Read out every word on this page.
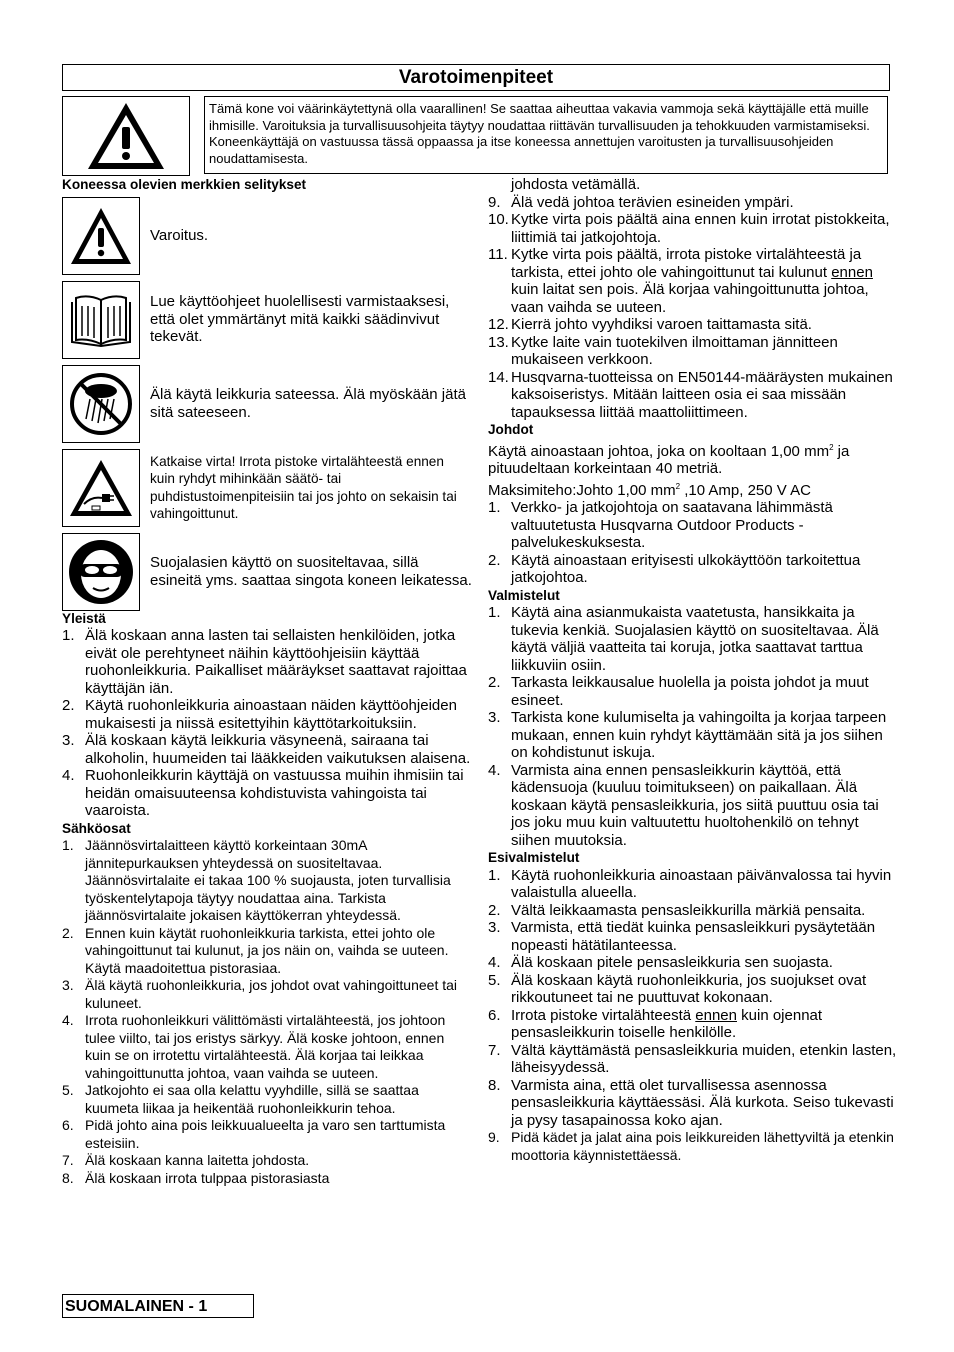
Varotoimenpiteet
Tämä kone voi väärinkäytettynä olla vaarallinen! Se saattaa aiheuttaa vakavia vammoja sekä käyttäjälle että muille ihmisille. Varoituksia ja turvallisuusohjeita täytyy noudattaa riittävän turvallisuuden ja tehokkuuden varmistamiseksi. Koneenkäyttäjä on vastuussa tässä oppaassa ja itse koneessa annettujen varoitusten ja turvallisuusohjeiden noudattamisesta.
Koneessa olevien merkkien selitykset
Varoitus.
Lue käyttöohjeet huolellisesti varmistaaksesi, että olet ymmärtänyt mitä kaikki säädinvivut tekevät.
Älä käytä leikkuria sateessa. Älä myöskään jätä sitä sateeseen.
Katkaise virta! Irrota pistoke virtalähteestä ennen kuin ryhdyt mihinkään säätö- tai puhdistustoimenpiteisiin tai jos johto on sekaisin tai vahingoittunut.
Suojalasien käyttö on suositeltavaa, sillä esineitä yms. saattaa singota koneen leikatessa.
Yleistä
1. Älä koskaan anna lasten tai sellaisten henkilöiden, jotka eivät ole perehtyneet näihin käyttöohjeisiin käyttää ruohonleikkuria. Paikalliset määräykset saattavat rajoittaa käyttäjän iän.
2. Käytä ruohonleikkuria ainoastaan näiden käyttöohjeiden mukaisesti ja niissä esitettyihin käyttötarkoituksiin.
3. Älä koskaan käytä leikkuria väsyneenä, sairaana tai alkoholin, huumeiden tai lääkkeiden vaikutuksen alaisena.
4. Ruohonleikkurin käyttäjä on vastuussa muihin ihmisiin tai heidän omaisuuteensa kohdistuvista vahingoista tai vaaroista.
Sähköosat
1. Jäännösvirtalaitteen käyttö korkeintaan 30mA jännitepurkauksen yhteydessä on suositeltavaa. Jäännösvirtalaite ei takaa 100 % suojausta, joten turvallisia työskentelytapoja täytyy noudattaa aina. Tarkista jäännösvirtalaite jokaisen käyttökerran yhteydessä.
2. Ennen kuin käytät ruohonleikkuria tarkista, ettei johto ole vahingoittunut tai kulunut, ja jos näin on, vaihda se uuteen. Käytä maadoitettua pistorasiaa.
3. Älä käytä ruohonleikkuria, jos johdot ovat vahingoittuneet tai kuluneet.
4. Irrota ruohonleikkuri välittömästi virtalähteestä, jos johtoon tulee viilto, tai jos eristys särkyy. Älä koske johtoon, ennen kuin se on irrotettu virtalähteestä. Älä korjaa tai leikkaa vahingoittunutta johtoa, vaan vaihda se uuteen.
5. Jatkojohto ei saa olla kelattu vyyhdille, sillä se saattaa kuumeta liikaa ja heikentää ruohonleikkurin tehoa.
6. Pidä johto aina pois leikkuualueelta ja varo sen tarttumista esteisiin.
7. Älä koskaan kanna laitetta johdosta.
8. Älä koskaan irrota tulppaa pistorasiasta
johdosta vetämällä.
9. Älä vedä johtoa terävien esineiden ympäri.
10. Kytke virta pois päältä aina ennen kuin irrotat pistokkeita, liittimiä tai jatkojohtoja.
11. Kytke virta pois päältä, irrota pistoke virtalähteestä ja tarkista, ettei johto ole vahingoittunut tai kulunut ennen kuin laitat sen pois. Älä korjaa vahingoittunutta johtoa, vaan vaihda se uuteen.
12. Kierrä johto vyyhdiksi varoen taittamasta sitä.
13. Kytke laite vain tuotekilven ilmoittaman jännitteen mukaiseen verkkoon.
14. Husqvarna-tuotteissa on EN50144-määräysten mukainen kaksoiseristys. Mitään laitteen osia ei saa missään tapauksessa liittää maattoliittimeen.
Johdot
Käytä ainoastaan johtoa, joka on kooltaan 1,00 $mm^2$ ja pituudeltaan korkeintaan 40 metriä.
Maksimiteho:Johto 1,00 $mm^2$ ,10 Amp, 250 V AC
1. Verkko- ja jatkojohtoja on saatavana lähimmästä valtuutetusta Husqvarna Outdoor Products -palvelukeskuksesta.
2. Käytä ainoastaan erityisesti ulkokäyttöön tarkoitettua jatkojohtoa.
Valmistelut
1. Käytä aina asianmukaista vaatetusta, hansikkaita ja tukevia kenkiä. Suojalasien käyttö on suositeltavaa. Älä käytä väljiä vaatteita tai koruja, jotka saattavat tarttua liikkuviin osiin.
2. Tarkasta leikkausalue huolella ja poista johdot ja muut esineet.
3. Tarkista kone kulumiselta ja vahingoilta ja korjaa tarpeen mukaan, ennen kuin ryhdyt käyttämään sitä ja jos siihen on kohdistunut iskuja.
4. Varmista aina ennen pensasleikkurin käyttöä, että kädensuoja (kuuluu toimitukseen) on paikallaan. Älä koskaan käytä pensasleikkuria, jos siitä puuttuu osia tai jos joku muu kuin valtuutettu huoltohenkilö on tehnyt siihen muutoksia.
Esivalmistelut
1. Käytä ruohonleikkuria ainoastaan päivänvalossa tai hyvin valaistulla alueella.
2. Vältä leikkaamasta pensasleikkurilla märkiä pensaita.
3. Varmista, että tiedät kuinka pensasleikkuri pysäytetään nopeasti hätätilanteessa.
4. Älä koskaan pitele pensasleikkuria sen suojasta.
5. Älä koskaan käytä ruohonleikkuria, jos suojukset ovat rikkoutuneet tai ne puuttuvat kokonaan.
6. Irrota pistoke virtalähteestä ennen kuin ojennat pensasleikkurin toiselle henkilölle.
7. Vältä käyttämästä pensasleikkuria muiden, etenkin lasten, läheisyydessä.
8. Varmista aina, että olet turvallisessa asennossa pensasleikkuria käyttäessäsi. Älä kurkota. Seiso tukevasti ja pysy tasapainossa koko ajan.
9. Pidä kädet ja jalat aina pois leikkureiden lähettyviltä ja etenkin moottoria käynnistettäessä.
SUOMALAINEN - 1
